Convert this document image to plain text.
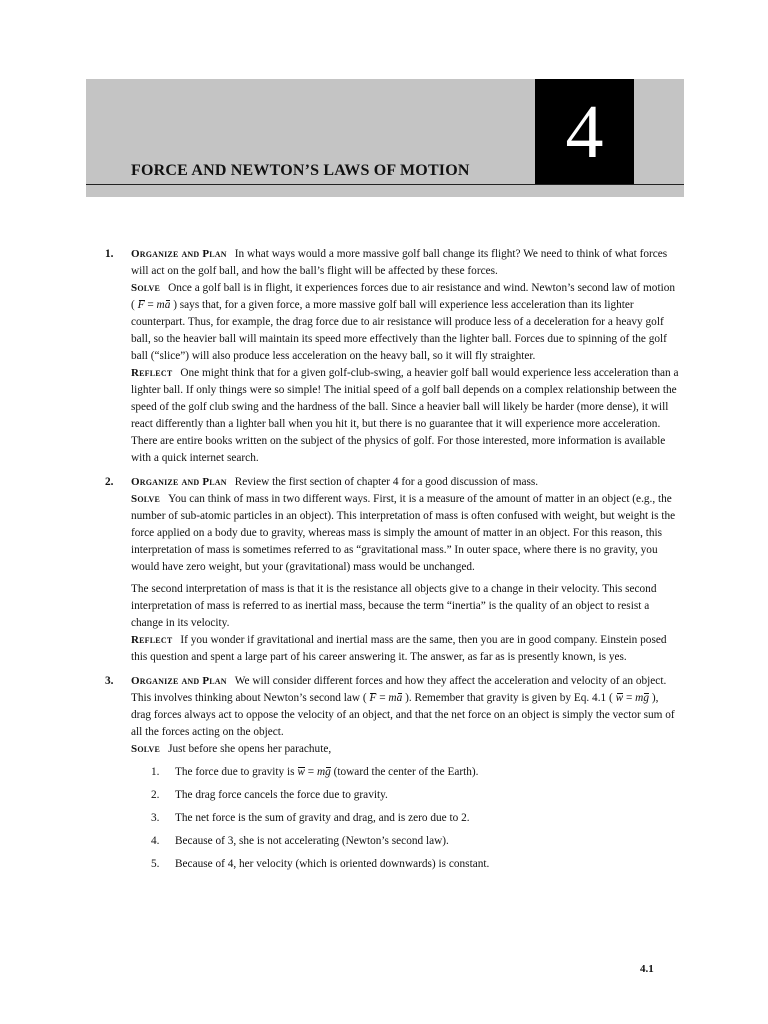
FORCE AND NEWTON’S LAWS OF MOTION 4
1. Organize and Plan In what ways would a more massive golf ball change its flight? We need to think of what forces will act on the golf ball, and how the ball’s flight will be affected by these forces.

Solve Once a golf ball is in flight, it experiences forces due to air resistance and wind. Newton’s second law of motion ( F = ma ) says that, for a given force, a more massive golf ball will experience less acceleration than its lighter counterpart. Thus, for example, the drag force due to air resistance will produce less of a deceleration for a heavy golf ball, so the heavier ball will maintain its speed more effectively than the lighter ball. Forces due to spinning of the golf ball (“slice”) will also produce less acceleration on the heavy ball, so it will fly straighter.

Reflect One might think that for a given golf-club-swing, a heavier golf ball would experience less acceleration than a lighter ball. If only things were so simple! The initial speed of a golf ball depends on a complex relationship between the speed of the golf club swing and the hardness of the ball. Since a heavier ball will likely be harder (more dense), it will react differently than a lighter ball when you hit it, but there is no guarantee that it will experience more acceleration. There are entire books written on the subject of the physics of golf. For those interested, more information is available with a quick internet search.

2. Organize and Plan Review the first section of chapter 4 for a good discussion of mass.

Solve You can think of mass in two different ways. First, it is a measure of the amount of matter in an object (e.g., the number of sub-atomic particles in an object). This interpretation of mass is often confused with weight, but weight is the force applied on a body due to gravity, whereas mass is simply the amount of matter in an object. For this reason, this interpretation of mass is sometimes referred to as “gravitational mass.” In outer space, where there is no gravity, you would have zero weight, but your (gravitational) mass would be unchanged.

The second interpretation of mass is that it is the resistance all objects give to a change in their velocity. This second interpretation of mass is referred to as inertial mass, because the term “inertia” is the quality of an object to resist a change in its velocity.

Reflect If you wonder if gravitational and inertial mass are the same, then you are in good company. Einstein posed this question and spent a large part of his career answering it. The answer, as far as is presently known, is yes.

3. Organize and Plan We will consider different forces and how they affect the acceleration and velocity of an object. This involves thinking about Newton’s second law ( F = ma ). Remember that gravity is given by Eq. 4.1 ( w = mg ), drag forces always act to oppose the velocity of an object, and that the net force on an object is simply the vector sum of all the forces acting on the object.

Solve Just before she opens her parachute,

1. The force due to gravity is w = mg (toward the center of the Earth).
2. The drag force cancels the force due to gravity.
3. The net force is the sum of gravity and drag, and is zero due to 2.
4. Because of 3, she is not accelerating (Newton’s second law).
5. Because of 4, her velocity (which is oriented downwards) is constant.
4.1
